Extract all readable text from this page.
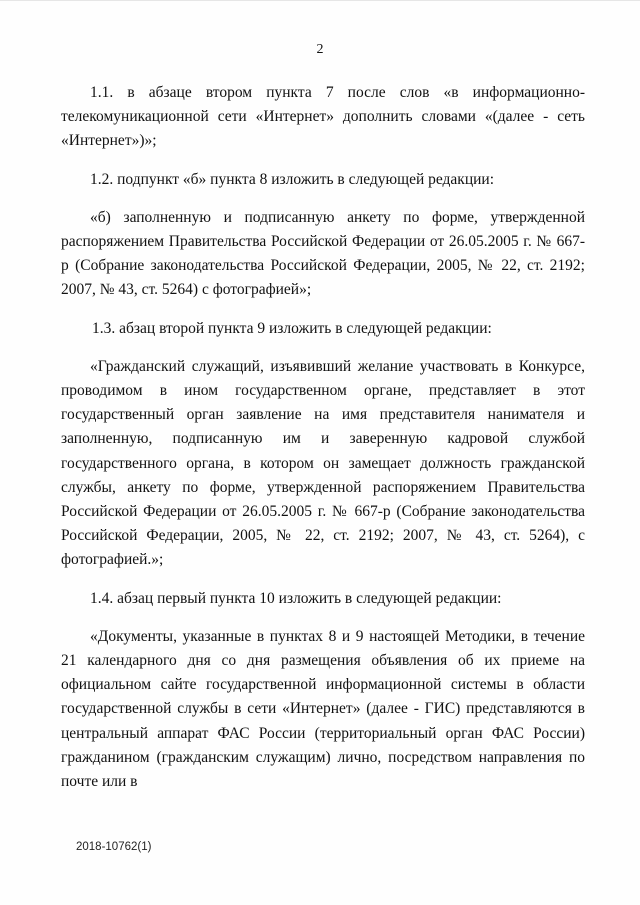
2

1.1. в абзаце втором пункта 7 после слов «в информационно-телекомуникационной сети «Интернет» дополнить словами «(далее - сеть «Интернет»)»;

1.2. подпункт «б» пункта 8 изложить в следующей редакции:

«б) заполненную и подписанную анкету по форме, утвержденной распоряжением Правительства Российской Федерации от 26.05.2005 г. № 667-р (Собрание законодательства Российской Федерации, 2005, № 22, ст. 2192; 2007, № 43, ст. 5264) с фотографией»;

1.3. абзац второй пункта 9 изложить в следующей редакции:

«Гражданский служащий, изъявивший желание участвовать в Конкурсе, проводимом в ином государственном органе, представляет в этот государственный орган заявление на имя представителя нанимателя и заполненную, подписанную им и заверенную кадровой службой государственного органа, в котором он замещает должность гражданской службы, анкету по форме, утвержденной распоряжением Правительства Российской Федерации от 26.05.2005 г. № 667-р (Собрание законодательства Российской Федерации, 2005, № 22, ст. 2192; 2007, № 43, ст. 5264), с фотографией.»;

1.4. абзац первый пункта 10 изложить в следующей редакции:

«Документы, указанные в пунктах 8 и 9 настоящей Методики, в течение 21 календарного дня со дня размещения объявления об их приеме на официальном сайте государственной информационной системы в области государственной службы в сети «Интернет» (далее - ГИС) представляются в центральный аппарат ФАС России (территориальный орган ФАС России) гражданином (гражданским служащим) лично, посредством направления по почте или в

2018-10762(1)
